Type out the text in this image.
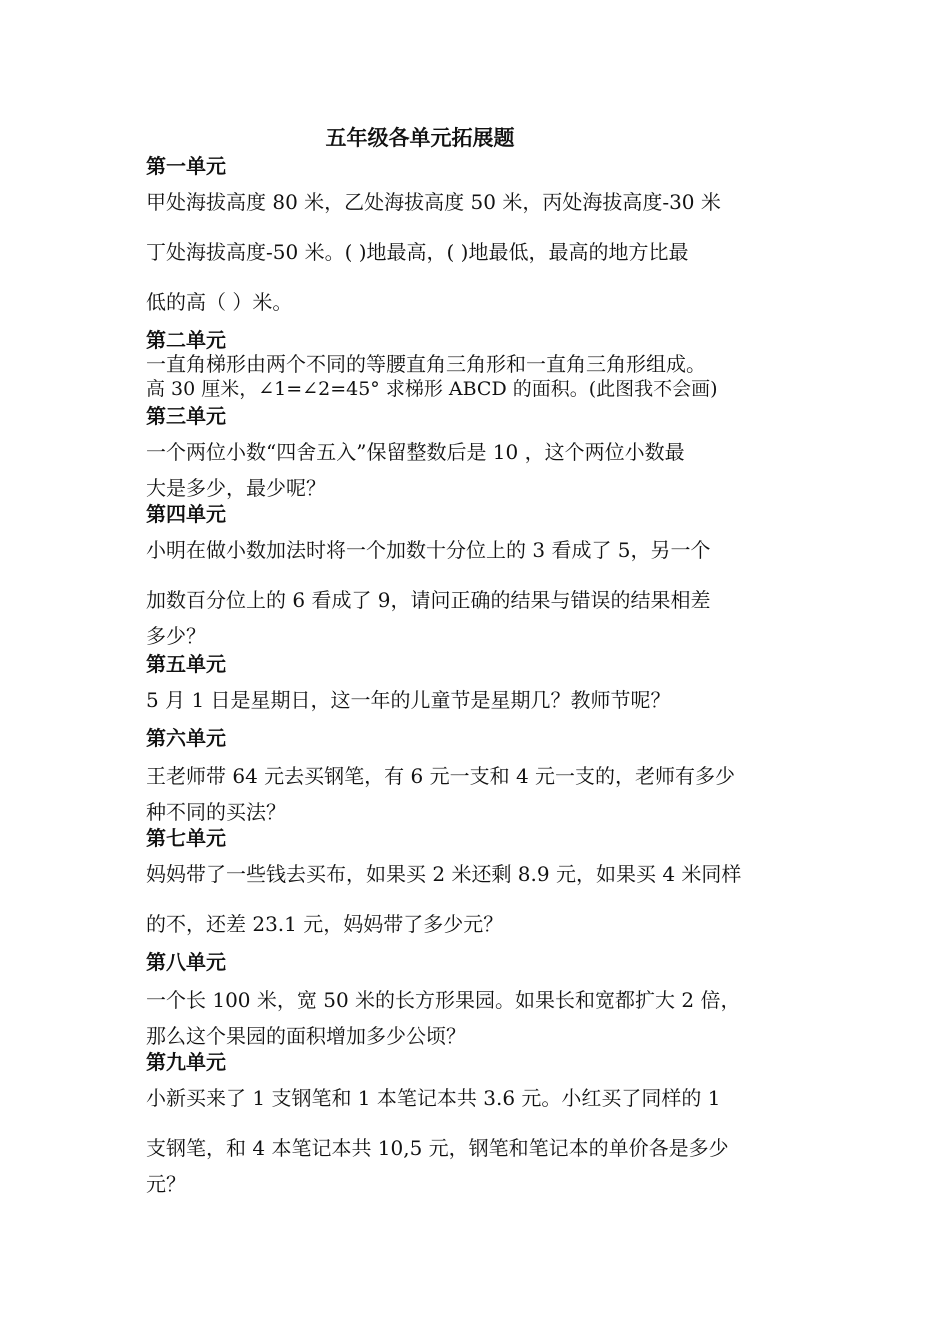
五年级各单元拓展题
第一单元
甲处海拔高度 80 米，乙处海拔高度 50 米，丙处海拔高度-30 米
丁处海拔高度-50 米。( )地最高，( )地最低，最高的地方比最
低的高（ ）米。
第二单元
一直角梯形由两个不同的等腰直角三角形和一直角三角形组成。
高 30 厘米，∠1=∠2=45° 求梯形 ABCD 的面积。(此图我不会画)
第三单元
一个两位小数“四舍五入”保留整数后是 10 ，这个两位小数最
大是多少，最少呢？
第四单元
小明在做小数加法时将一个加数十分位上的 3 看成了 5，另一个
加数百分位上的 6 看成了 9，请问正确的结果与错误的结果相差
多少？
第五单元
5 月 1 日是星期日，这一年的儿童节是星期几？教师节呢？
第六单元
王老师带 64 元去买钢笔，有 6 元一支和 4 元一支的，老师有多少
种不同的买法？
第七单元
妈妈带了一些钱去买布，如果买 2 米还剩 8.9 元，如果买 4 米同样
的不，还差 23.1 元，妈妈带了多少元？
第八单元
一个长 100 米，宽 50 米的长方形果园。如果长和宽都扩大 2 倍，
那么这个果园的面积增加多少公顷？
第九单元
小新买来了 1 支钢笔和 1 本笔记本共 3.6 元。小红买了同样的 1
支钢笔，和 4 本笔记本共 10,5 元，钢笔和笔记本的单价各是多少
元？
